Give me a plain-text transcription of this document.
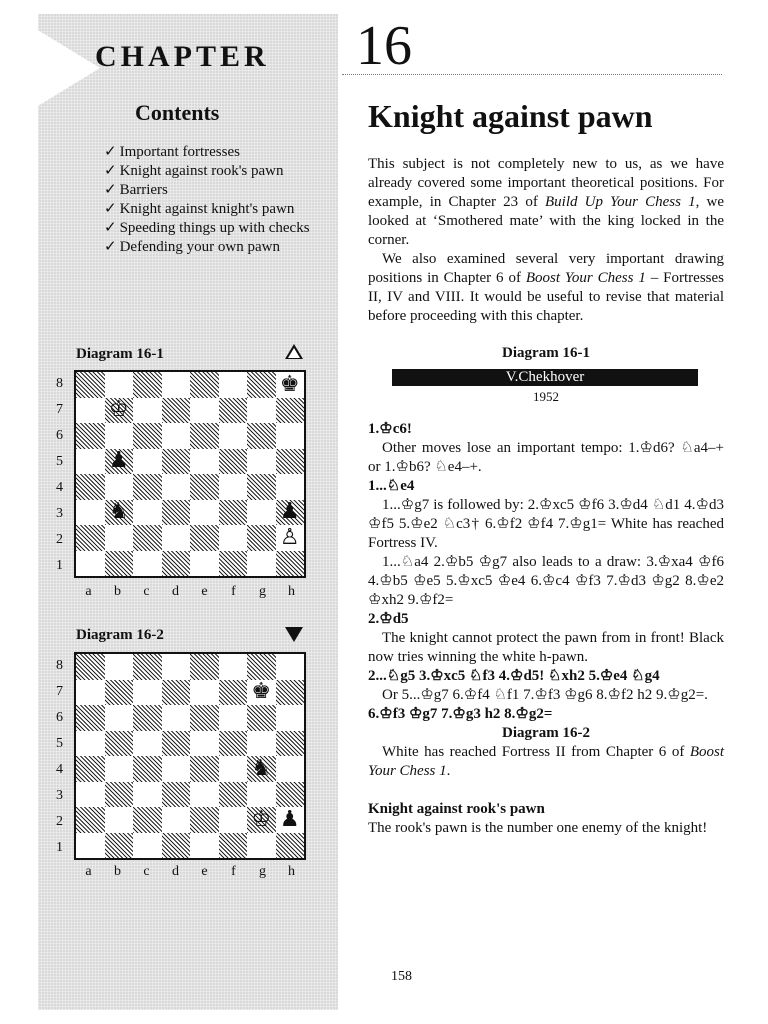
CHAPTER 16
Contents
✓ Important fortresses
✓ Knight against rook's pawn
✓ Barriers
✓ Knight against knight's pawn
✓ Speeding things up with checks
✓ Defending your own pawn
Diagram 16-1
8
7
6
5
4
3
2
1
♚
♔
♟
♞	♟
♙
a	b	c	d	e	f	g	h
Diagram 16-2
8
7
6
5
4
3
2
1
♚
♞
♔ ♟
a	b	c	d	e	f	g	h
Knight against pawn

This subject is not completely new to us, as we have already covered some important theoretical positions. For example, in Chapter 23 of Build Up Your Chess 1, we looked at ‘Smothered mate’ with the king locked in the corner.

We also examined several very important drawing positions in Chapter 6 of Boost Your Chess 1 – Fortresses II, IV and VIII. It would be useful to revise that material before proceeding with this chapter.

Diagram 16-1
V.Chekhover
1952

1.♔c6!

Other moves lose an important tempo: 1.♔d6? ♘a4–+ or 1.♔b6? ♘e4–+.

1...♘e4

1...♔g7 is followed by: 2.♔xc5 ♔f6 3.♔d4 ♘d1 4.♔d3 ♔f5 5.♔e2 ♘c3† 6.♔f2 ♔f4 7.♔g1= White has reached Fortress IV.

1...♘a4 2.♔b5 ♔g7 also leads to a draw: 3.♔xa4 ♔f6 4.♔b5 ♔e5 5.♔xc5 ♔e4 6.♔c4 ♔f3 7.♔d3 ♔g2 8.♔e2 ♔xh2 9.♔f2=

2.♔d5

The knight cannot protect the pawn from in front! Black now tries winning the white h-pawn.

2...♘g5 3.♔xc5 ♘f3 4.♔d5! ♘xh2 5.♔e4 ♘g4

Or 5...♔g7 6.♔f4 ♘f1 7.♔f3 ♔g6 8.♔f2 h2 9.♔g2=.

6.♔f3 ♔g7 7.♔g3 h2 8.♔g2=

Diagram 16-2

White has reached Fortress II from Chapter 6 of Boost Your Chess 1.

Knight against rook's pawn

The rook's pawn is the number one enemy of the knight!

158
